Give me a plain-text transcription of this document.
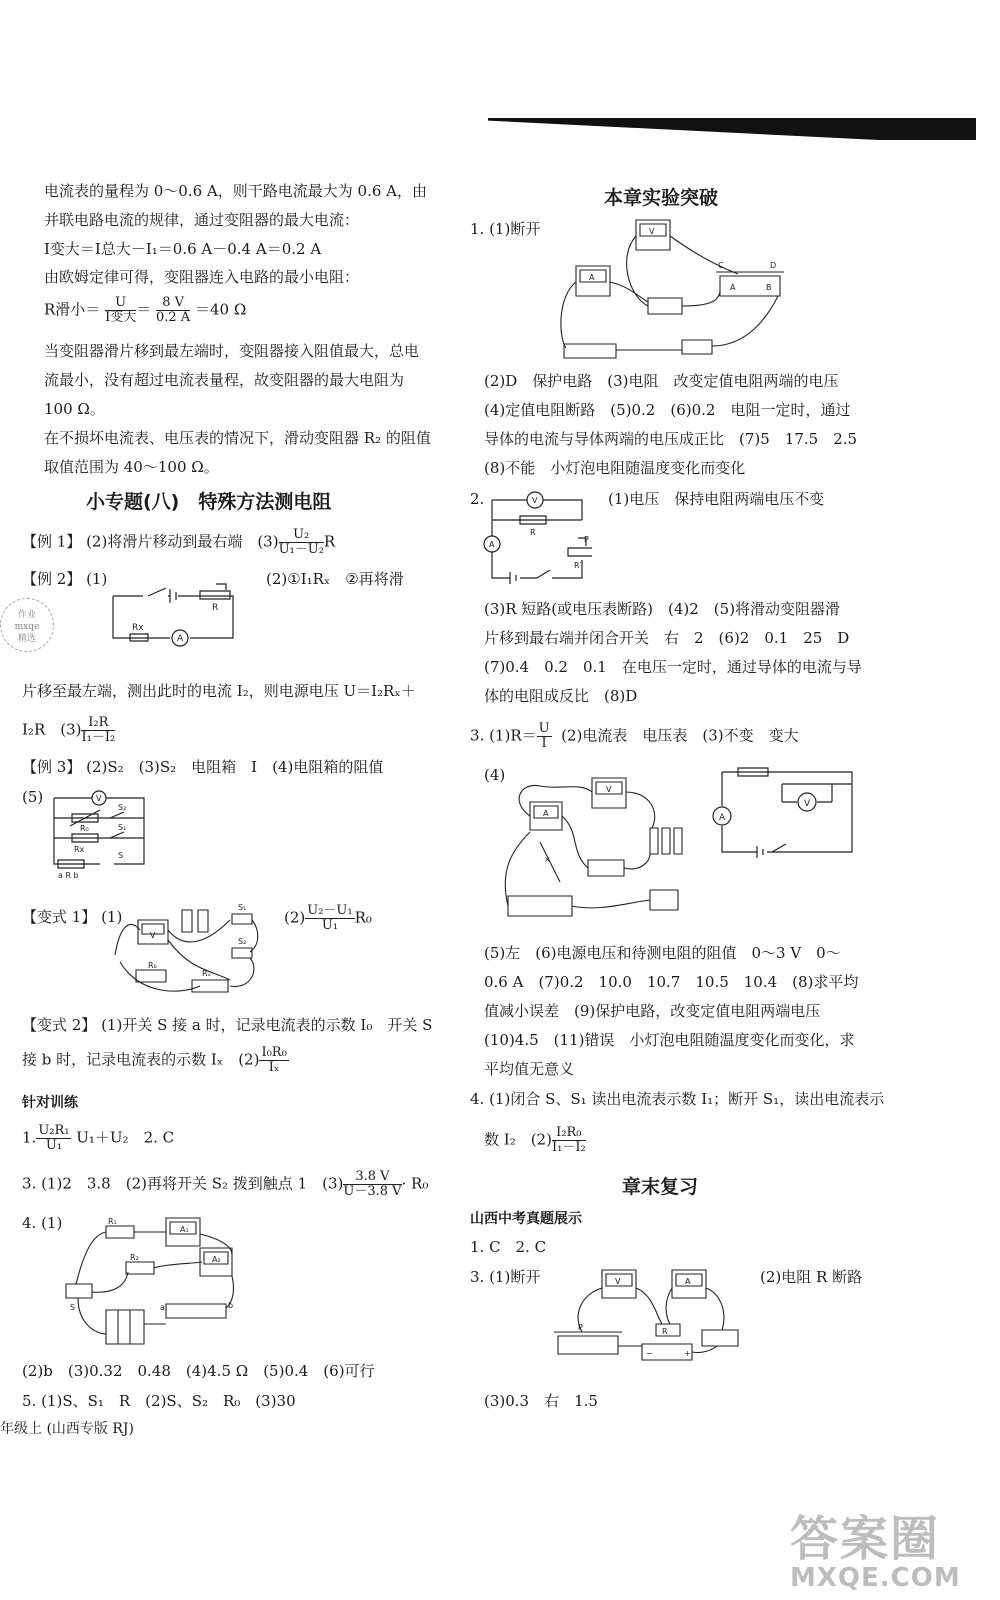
电流表的量程为 0～0.6 A，则干路电流最大为 0.6 A，由
并联电路电流的规律，通过变阻器的最大电流：
I变大＝I总大－I₁＝0.6 A－0.4 A＝0.2 A
由欧姆定律可得，变阻器连入电路的最小电阻：
R滑小＝ $\frac{U}{\text{I变大}} = \frac{8 V}{0.2 A} =40$ Ω
当变阻器滑片移到最左端时，变阻器接入阻值最大，总电
流最小，没有超过电流表量程，故变阻器的最大电阻为
100 Ω。
在不损坏电流表、电压表的情况下，滑动变阻器 R₂ 的阻值
取值范围为 40～100 Ω。
小专题(八)　特殊方法测电阻
【例 1】 (2)将滑片移动到最右端　$(3) \frac{\text{U₂}}{\text{U₁－U₂}}$ R
【例 2】 (1)	(2)①I₁Rₓ　②再将滑
作业
mxqe
精选
R
Rx
A
片移至最左端，测出此时的电流 I₂，则电源电压 U＝I₂Rₓ＋
I₂R　$(3) \frac{\text{I₂R}}{\text{I₁－I₂}}$
【例 3】 (2)S₂　(3)S₂　电阻箱　I　(4)电阻箱的阻值
(5)	V
S₂
S₁
R₀
Rx
S
a R b
【变式 1】 (1)
V
S₁
S₂
R₀
Rₓ
$(2) \frac{\text{U₂－U₁}}{\text{U₁}} R_0$
【变式 2】 (1)开关 S 接 a 时，记录电流表的示数 I₀　开关 S
接 b 时，记录电流表的示数 Iₓ　$(2) \frac{\text{I₀R₀}}{\text{Iₓ}}$
针对训练
1. $\frac{\text{U₂R₁}}{\text{U₁}} U_1+U_2$　2. C
3. (1)2　3.8　(2)再将开关 S₂ 拨到触点 1　$(3) \frac{3.8 V}{U-3.8 V} \cdot R_0$
4. (1)	R₁
A₁
R₂	A₂
S	a	b
(2)b　(3)0.32　0.48　(4)4.5 Ω　(5)0.4　(6)可行
5. (1)S、S₁　R　(2)S、S₂　R₀　(3)30
年级上 (山西专版 RJ)
本章实验突破
1. (1)断开	V
A
C	D
A	B
(2)D　保护电路　(3)电阻　改变定值电阻两端的电压
(4)定值电阻断路　(5)0.2　(6)0.2　电阻一定时，通过
导体的电流与导体两端的电压成正比　(7)5　17.5　2.5
(8)不能　小灯泡电阻随温度变化而变化
2.	V
A
R
P
R′
(1)电压　保持电阻两端电压不变
(3)R 短路(或电压表断路)　(4)2　(5)将滑动变阻器滑
片移到最右端并闭合开关　右　2　(6)2　0.1　25　D
(7)0.4　0.2　0.1　在电压一定时，通过导体的电流与导
体的电阻成反比　(8)D
3. $(1)R= \frac{U}{I} (2)$电流表　电压表　(3)不变　变大
(4)
A
V
×
A
V
(5)左　(6)电源电压和待测电阻的阻值　0～3 V　0～
0.6 A　(7)0.2　10.0　10.7　10.5　10.4　(8)求平均
值减小误差　(9)保护电路，改变定值电阻两端电压
(10)4.5　(11)错误　小灯泡电阻随温度变化而变化，求
平均值无意义
4. (1)闭合 S、S₁ 读出电流表示数 I₁；断开 S₁，读出电流表示
数 I₂　$(2) \frac{\text{I₂R₀}}{\text{I₁－I₂}}$
章末复习
山西中考真题展示
1. C　2. C
3. (1)断开	V	A
P	R
−	+
(2)电阻 R 断路
(3)0.3　右　1.5
答案圈
MXQE.COM
